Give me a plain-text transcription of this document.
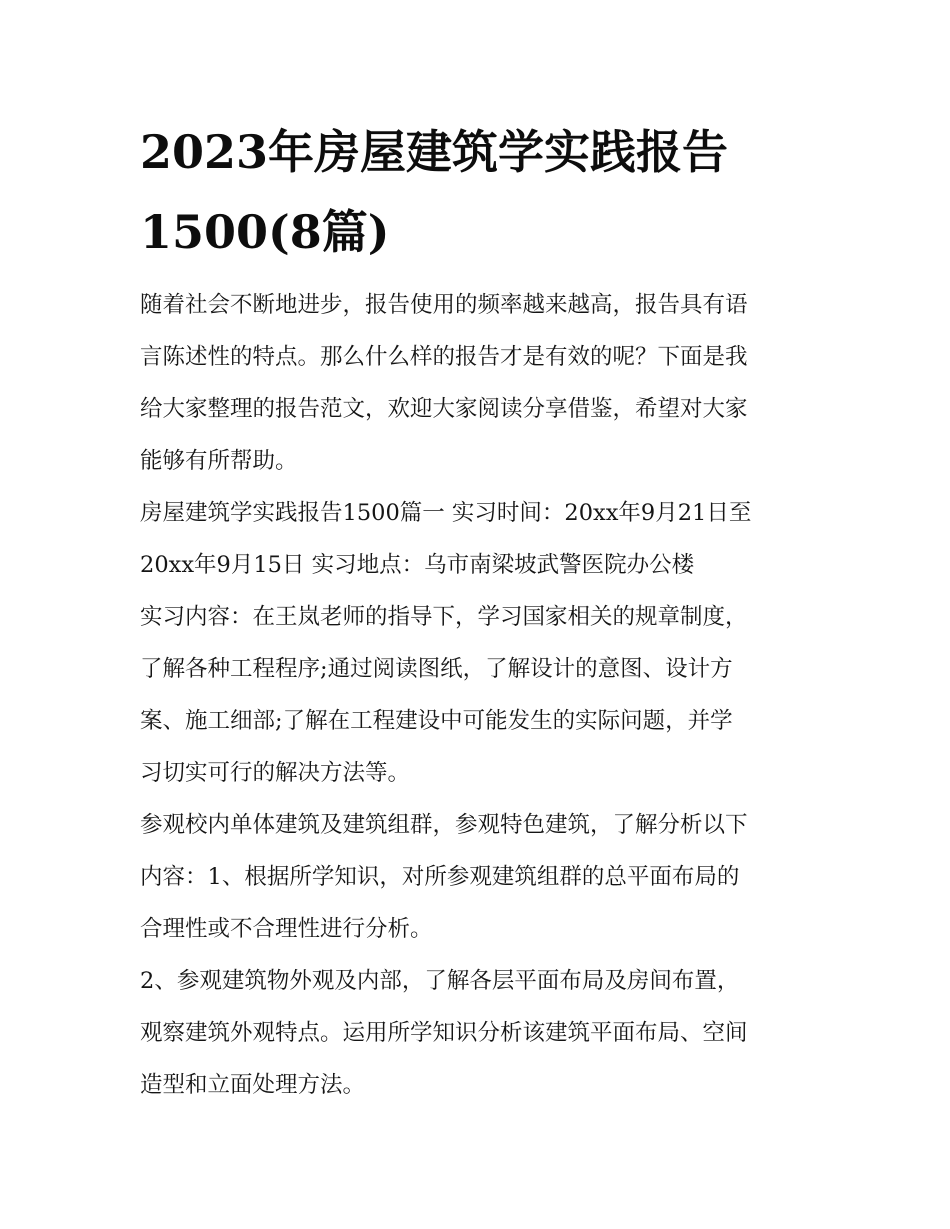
2023年房屋建筑学实践报告
1500(8篇)

随着社会不断地进步，报告使用的频率越来越高，报告具有语
言陈述性的特点。那么什么样的报告才是有效的呢？下面是我
给大家整理的报告范文，欢迎大家阅读分享借鉴，希望对大家
能够有所帮助。

房屋建筑学实践报告1500篇一 实习时间：20xx年9月21日至
20xx年9月15日 实习地点：乌市南梁坡武警医院办公楼
实习内容：在王岚老师的指导下，学习国家相关的规章制度，
了解各种工程程序;通过阅读图纸，了解设计的意图、设计方
案、施工细部;了解在工程建设中可能发生的实际问题，并学
习切实可行的解决方法等。

参观校内单体建筑及建筑组群，参观特色建筑，了解分析以下
内容：1、根据所学知识，对所参观建筑组群的总平面布局的
合理性或不合理性进行分析。

2、参观建筑物外观及内部，了解各层平面布局及房间布置，
观察建筑外观特点。运用所学知识分析该建筑平面布局、空间
造型和立面处理方法。
